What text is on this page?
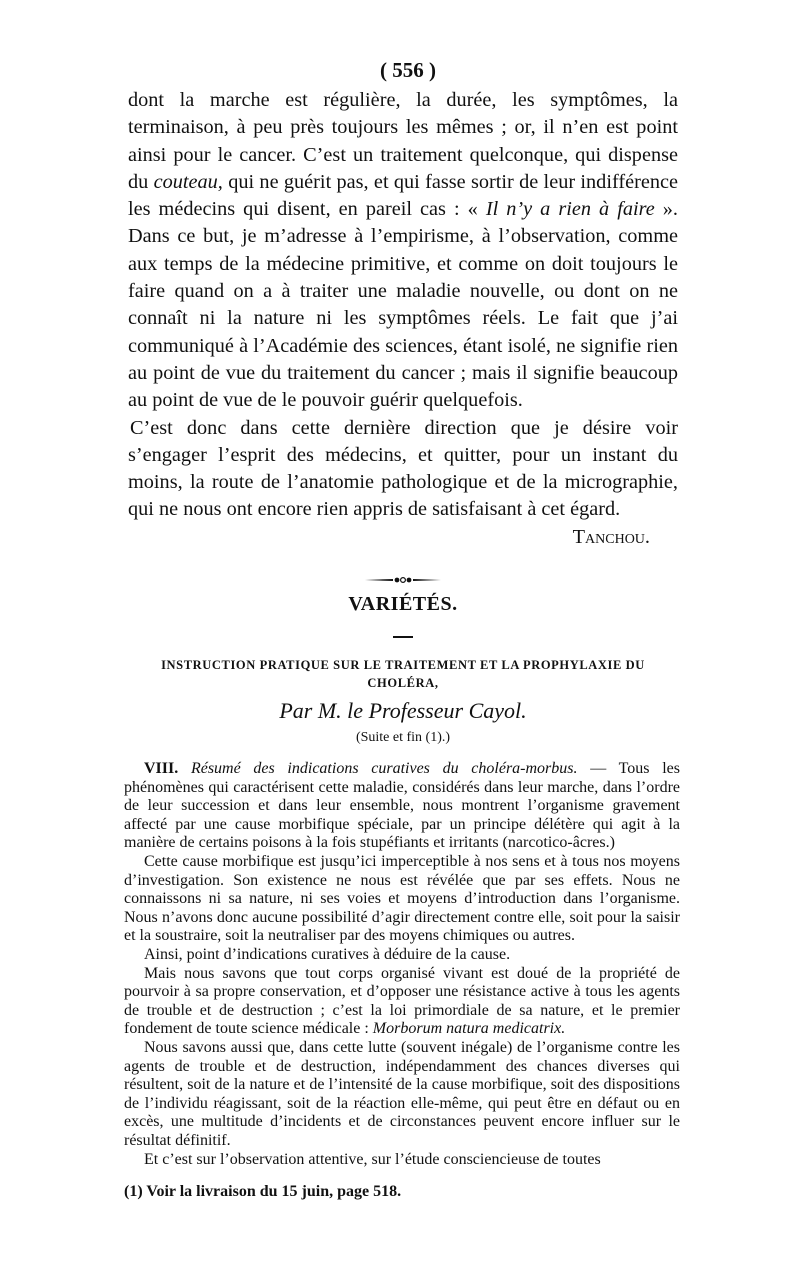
( 556 )

dont la marche est régulière, la durée, les symptômes, la terminaison, à peu près toujours les mêmes ; or, il n’en est point ainsi pour le cancer. C’est un traitement quelconque, qui dispense du couteau, qui ne guérit pas, et qui fasse sortir de leur indifférence les médecins qui disent, en pareil cas : « Il n’y a rien à faire ». Dans ce but, je m’adresse à l’empirisme, à l’observation, comme aux temps de la médecine primitive, et comme on doit toujours le faire quand on a à traiter une maladie nouvelle, ou dont on ne connaît ni la nature ni les symptômes réels. Le fait que j’ai communiqué à l’Académie des sciences, étant isolé, ne signifie rien au point de vue du traitement du cancer ; mais il signifie beaucoup au point de vue de le pouvoir guérir quelquefois.

C’est donc dans cette dernière direction que je désire voir s’engager l’esprit des médecins, et quitter, pour un instant du moins, la route de l’anatomie pathologique et de la micrographie, qui ne nous ont encore rien appris de satisfaisant à cet égard.

Tanchou.
VARIÉTÉS.
INSTRUCTION PRATIQUE SUR LE TRAITEMENT ET LA PROPHYLAXIE DU CHOLÉRA,
Par M. le Professeur Cayol.
(Suite et fin (1).)

VIII. Résumé des indications curatives du choléra-morbus. — Tous les phénomènes qui caractérisent cette maladie, considérés dans leur marche, dans l’ordre de leur succession et dans leur ensemble, nous montrent l’organisme gravement affecté par une cause morbifique spéciale, par un principe délétère qui agit à la manière de certains poisons à la fois stupéfiants et irritants (narcotico-âcres.)

Cette cause morbifique est jusqu’ici imperceptible à nos sens et à tous nos moyens d’investigation. Son existence ne nous est révélée que par ses effets. Nous ne connaissons ni sa nature, ni ses voies et moyens d’introduction dans l’organisme. Nous n’avons donc aucune possibilité d’agir directement contre elle, soit pour la saisir et la soustraire, soit la neutraliser par des moyens chimiques ou autres.

Ainsi, point d’indications curatives à déduire de la cause.

Mais nous savons que tout corps organisé vivant est doué de la propriété de pourvoir à sa propre conservation, et d’opposer une résistance active à tous les agents de trouble et de destruction ; c’est la loi primordiale de sa nature, et le premier fondement de toute science médicale : Morborum natura medicatrix.

Nous savons aussi que, dans cette lutte (souvent inégale) de l’organisme contre les agents de trouble et de destruction, indépendamment des chances diverses qui résultent, soit de la nature et de l’intensité de la cause morbifique, soit des dispositions de l’individu réagissant, soit de la réaction elle-même, qui peut être en défaut ou en excès, une multitude d’incidents et de circonstances peuvent encore influer sur le résultat définitif.

Et c’est sur l’observation attentive, sur l’étude consciencieuse de toutes

(1) Voir la livraison du 15 juin, page 518.
